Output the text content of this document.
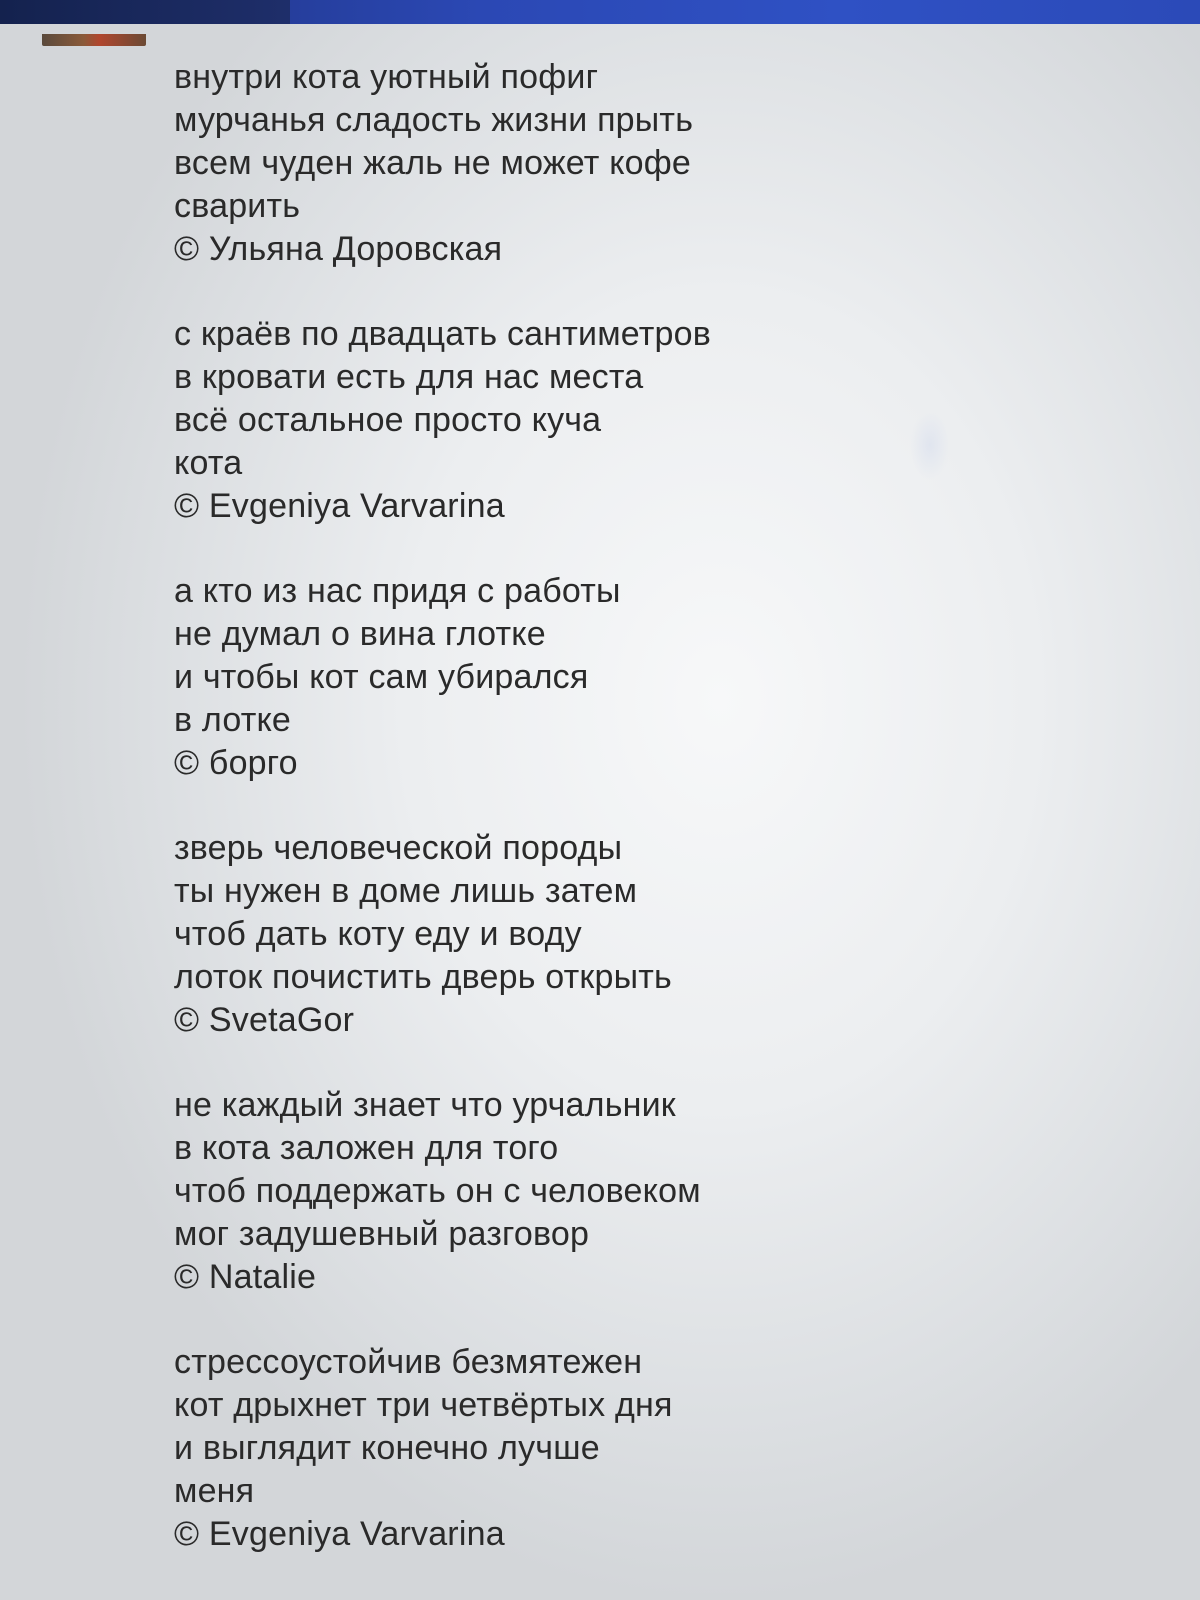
внутри кота уютный пофиг
мурчанья сладость жизни прыть
всем чуден жаль не может кофе
сварить
© Ульяна Доровская
с краёв по двадцать сантиметров
в кровати есть для нас места
всё остальное просто куча
кота
© Evgeniya Varvarina
а кто из нас придя с работы
не думал о вина глотке
и чтобы кот сам убирался
в лотке
© борго
зверь человеческой породы
ты нужен в доме лишь затем
чтоб дать коту еду и воду
лоток почистить дверь открыть
© SvetaGor
не каждый знает что урчальник
в кота заложен для того
чтоб поддержать он с человеком
мог задушевный разговор
© Natalie
стрессоустойчив безмятежен
кот дрыхнет три четвёртых дня
и выглядит конечно лучше
меня
© Evgeniya Varvarina
